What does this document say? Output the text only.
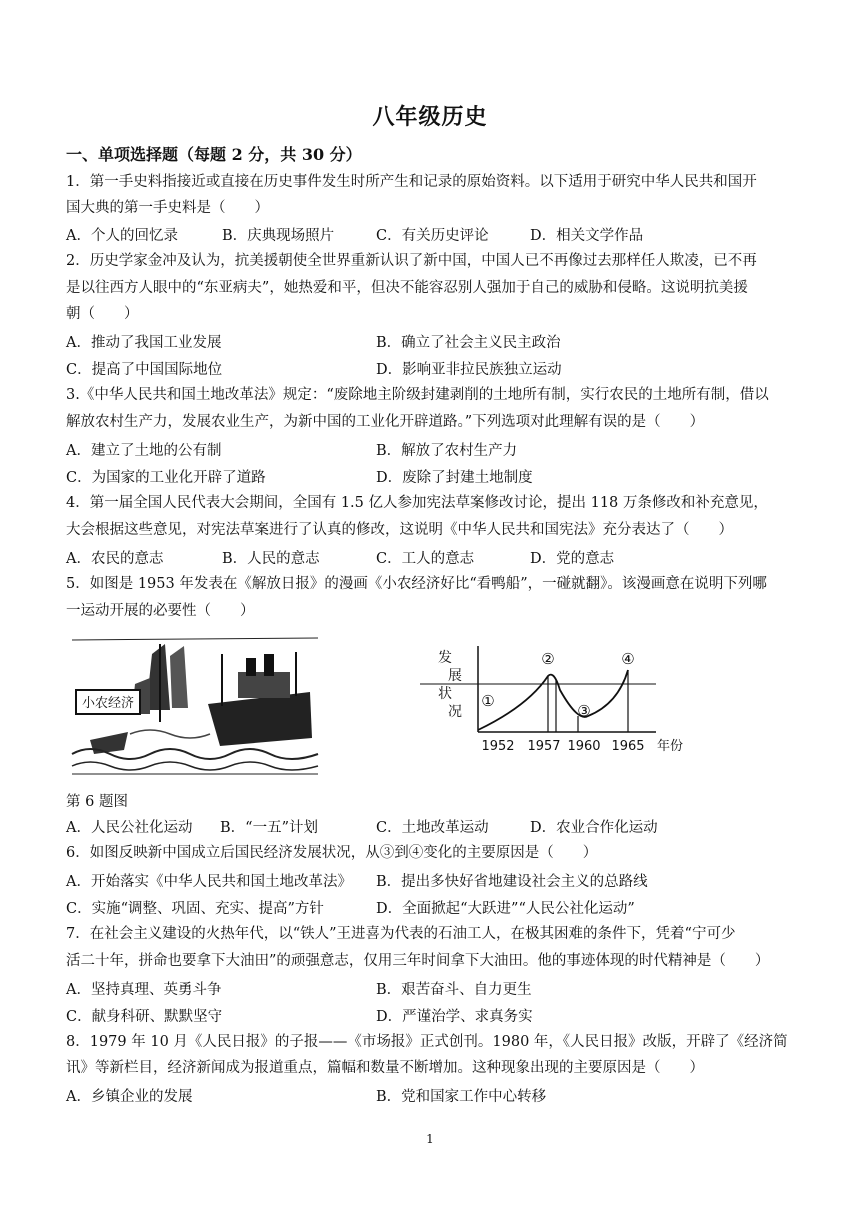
八年级历史
一、单项选择题（每题 2 分，共 30 分）
1．第一手史料指接近或直接在历史事件发生时所产生和记录的原始资料。以下适用于研究中华人民共和国开
国大典的第一手史料是（　　）
A．个人的回忆录	B．庆典现场照片	C．有关历史评论	D．相关文学作品
2．历史学家金冲及认为，抗美援朝使全世界重新认识了新中国，中国人已不再像过去那样任人欺凌，已不再
是以往西方人眼中的“东亚病夫”，她热爱和平，但决不能容忍别人强加于自己的威胁和侵略。这说明抗美援
朝（　　）
A．推动了我国工业发展	B．确立了社会主义民主政治
C．提高了中国国际地位	D．影响亚非拉民族独立运动
3.《中华人民共和国土地改革法》规定：“废除地主阶级封建剥削的土地所有制，实行农民的土地所有制，借以
解放农村生产力，发展农业生产，为新中国的工业化开辟道路。”下列选项对此理解有误的是（　　）
A．建立了土地的公有制	B．解放了农村生产力
C．为国家的工业化开辟了道路	D．废除了封建土地制度
4．第一届全国人民代表大会期间，全国有 1.5 亿人参加宪法草案修改讨论，提出 118 万条修改和补充意见，
大会根据这些意见，对宪法草案进行了认真的修改，这说明《中华人民共和国宪法》充分表达了（　　）
A．农民的意志	B．人民的意志	C．工人的意志	D．党的意志
5．如图是 1953 年发表在《解放日报》的漫画《小农经济好比“看鸭船”，一碰就翻》。该漫画意在说明下列哪
一运动开展的必要性（　　）
小农经济
发
展
状
况
①
②
③
④
1952 1957 1960 1965 年份
第 6 题图
A．人民公社化运动 B．“一五”计划	C．土地改革运动	D．农业合作化运动
6．如图反映新中国成立后国民经济发展状况，从③到④变化的主要原因是（　　）
A．开始落实《中华人民共和国土地改革法》 B．提出多快好省地建设社会主义的总路线
C．实施“调整、巩固、充实、提高”方针	D．全面掀起“大跃进”“人民公社化运动”
7．在社会主义建设的火热年代，以“铁人”王进喜为代表的石油工人，在极其困难的条件下，凭着“宁可少
活二十年，拼命也要拿下大油田”的顽强意志，仅用三年时间拿下大油田。他的事迹体现的时代精神是（　　）
A．坚持真理、英勇斗争	B．艰苦奋斗、自力更生
C．献身科研、默默坚守	D．严谨治学、求真务实
8．1979 年 10 月《人民日报》的子报——《市场报》正式创刊。1980 年，《人民日报》改版，开辟了《经济简
讯》等新栏目，经济新闻成为报道重点，篇幅和数量不断增加。这种现象出现的主要原因是（　　）
A．乡镇企业的发展	B．党和国家工作中心转移
1
